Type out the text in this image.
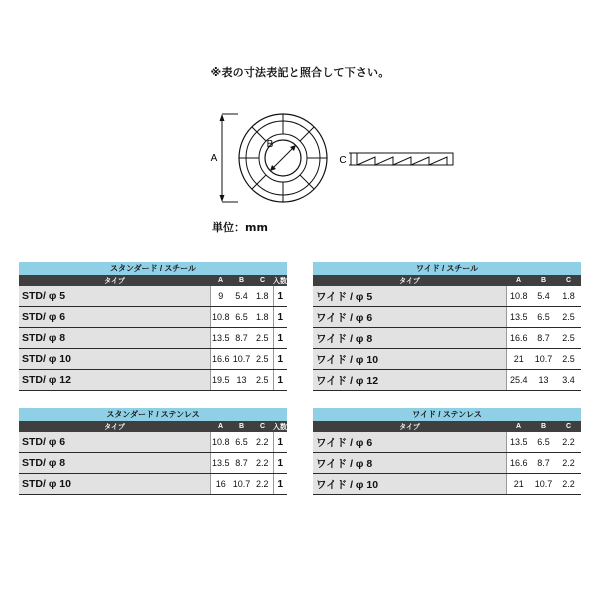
※表の寸法表記と照合して下さい。
A
B
C
単位：mm
スタンダード / スチール				
タイプ	A	B	C	入数
STD/ φ 5	9	5.4	1.8	1
STD/ φ 6	10.8	6.5	1.8	1
STD/ φ 8	13.5	8.7	2.5	1
STD/ φ 10	16.6	10.7	2.5	1
STD/ φ 12	19.5	13	2.5	1
ワイド / スチール			
タイプ	A	B	C
ワイド / φ 5	10.8	5.4	1.8
ワイド / φ 6	13.5	6.5	2.5
ワイド / φ 8	16.6	8.7	2.5
ワイド / φ 10	21	10.7	2.5
ワイド / φ 12	25.4	13	3.4
スタンダード / ステンレス				
タイプ	A	B	C	入数
STD/ φ 6	10.8	6.5	2.2	1
STD/ φ 8	13.5	8.7	2.2	1
STD/ φ 10	16	10.7	2.2	1
ワイド / ステンレス			
タイプ	A	B	C
ワイド / φ 6	13.5	6.5	2.2
ワイド / φ 8	16.6	8.7	2.2
ワイド / φ 10	21	10.7	2.2
